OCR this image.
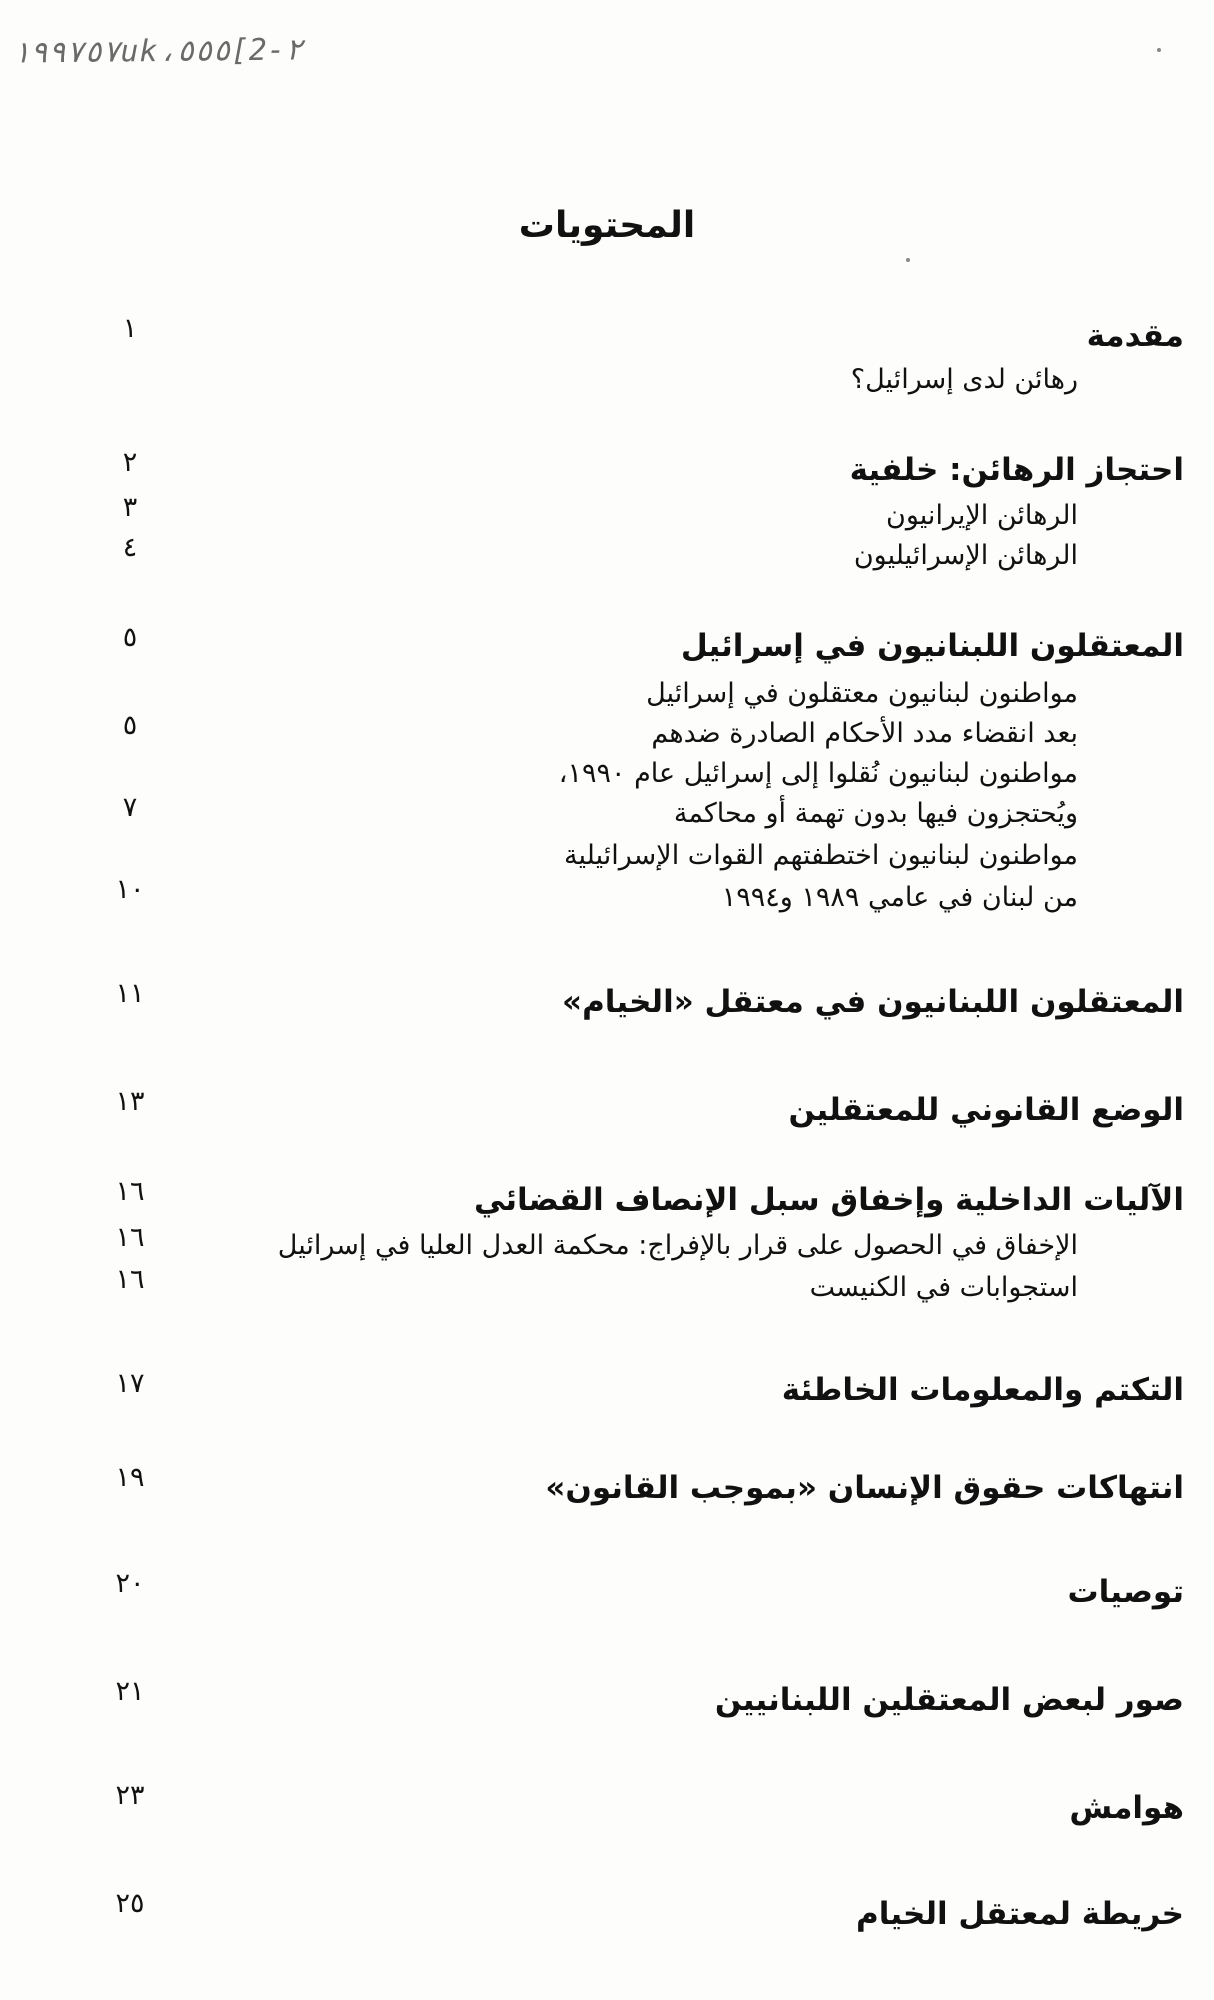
١٩٩٧٥٧uk،٥٥٥[2-٢
المحتويات
مقدمة
١
رهائن لدى إسرائيل؟
احتجاز الرهائن: خلفية
٢
الرهائن الإيرانيون
٣
الرهائن الإسرائيليون
٤
المعتقلون اللبنانيون في إسرائيل
٥
مواطنون لبنانيون معتقلون في إسرائيل
بعد انقضاء مدد الأحكام الصادرة ضدهم
٥
مواطنون لبنانيون نُقلوا إلى إسرائيل عام ١٩٩٠،
ويُحتجزون فيها بدون تهمة أو محاكمة
٧
مواطنون لبنانيون اختطفتهم القوات الإسرائيلية
من لبنان في عامي ١٩٨٩ و١٩٩٤
١٠
المعتقلون اللبنانيون في معتقل «الخيام»
١١
الوضع القانوني للمعتقلين
١٣
الآليات الداخلية وإخفاق سبل الإنصاف القضائي
١٦
الإخفاق في الحصول على قرار بالإفراج: محكمة العدل العليا في إسرائيل
١٦
استجوابات في الكنيست
١٦
التكتم والمعلومات الخاطئة
١٧
انتهاكات حقوق الإنسان «بموجب القانون»
١٩
توصيات
٢٠
صور لبعض المعتقلين اللبنانيين
٢١
هوامش
٢٣
خريطة لمعتقل الخيام
٢٥
